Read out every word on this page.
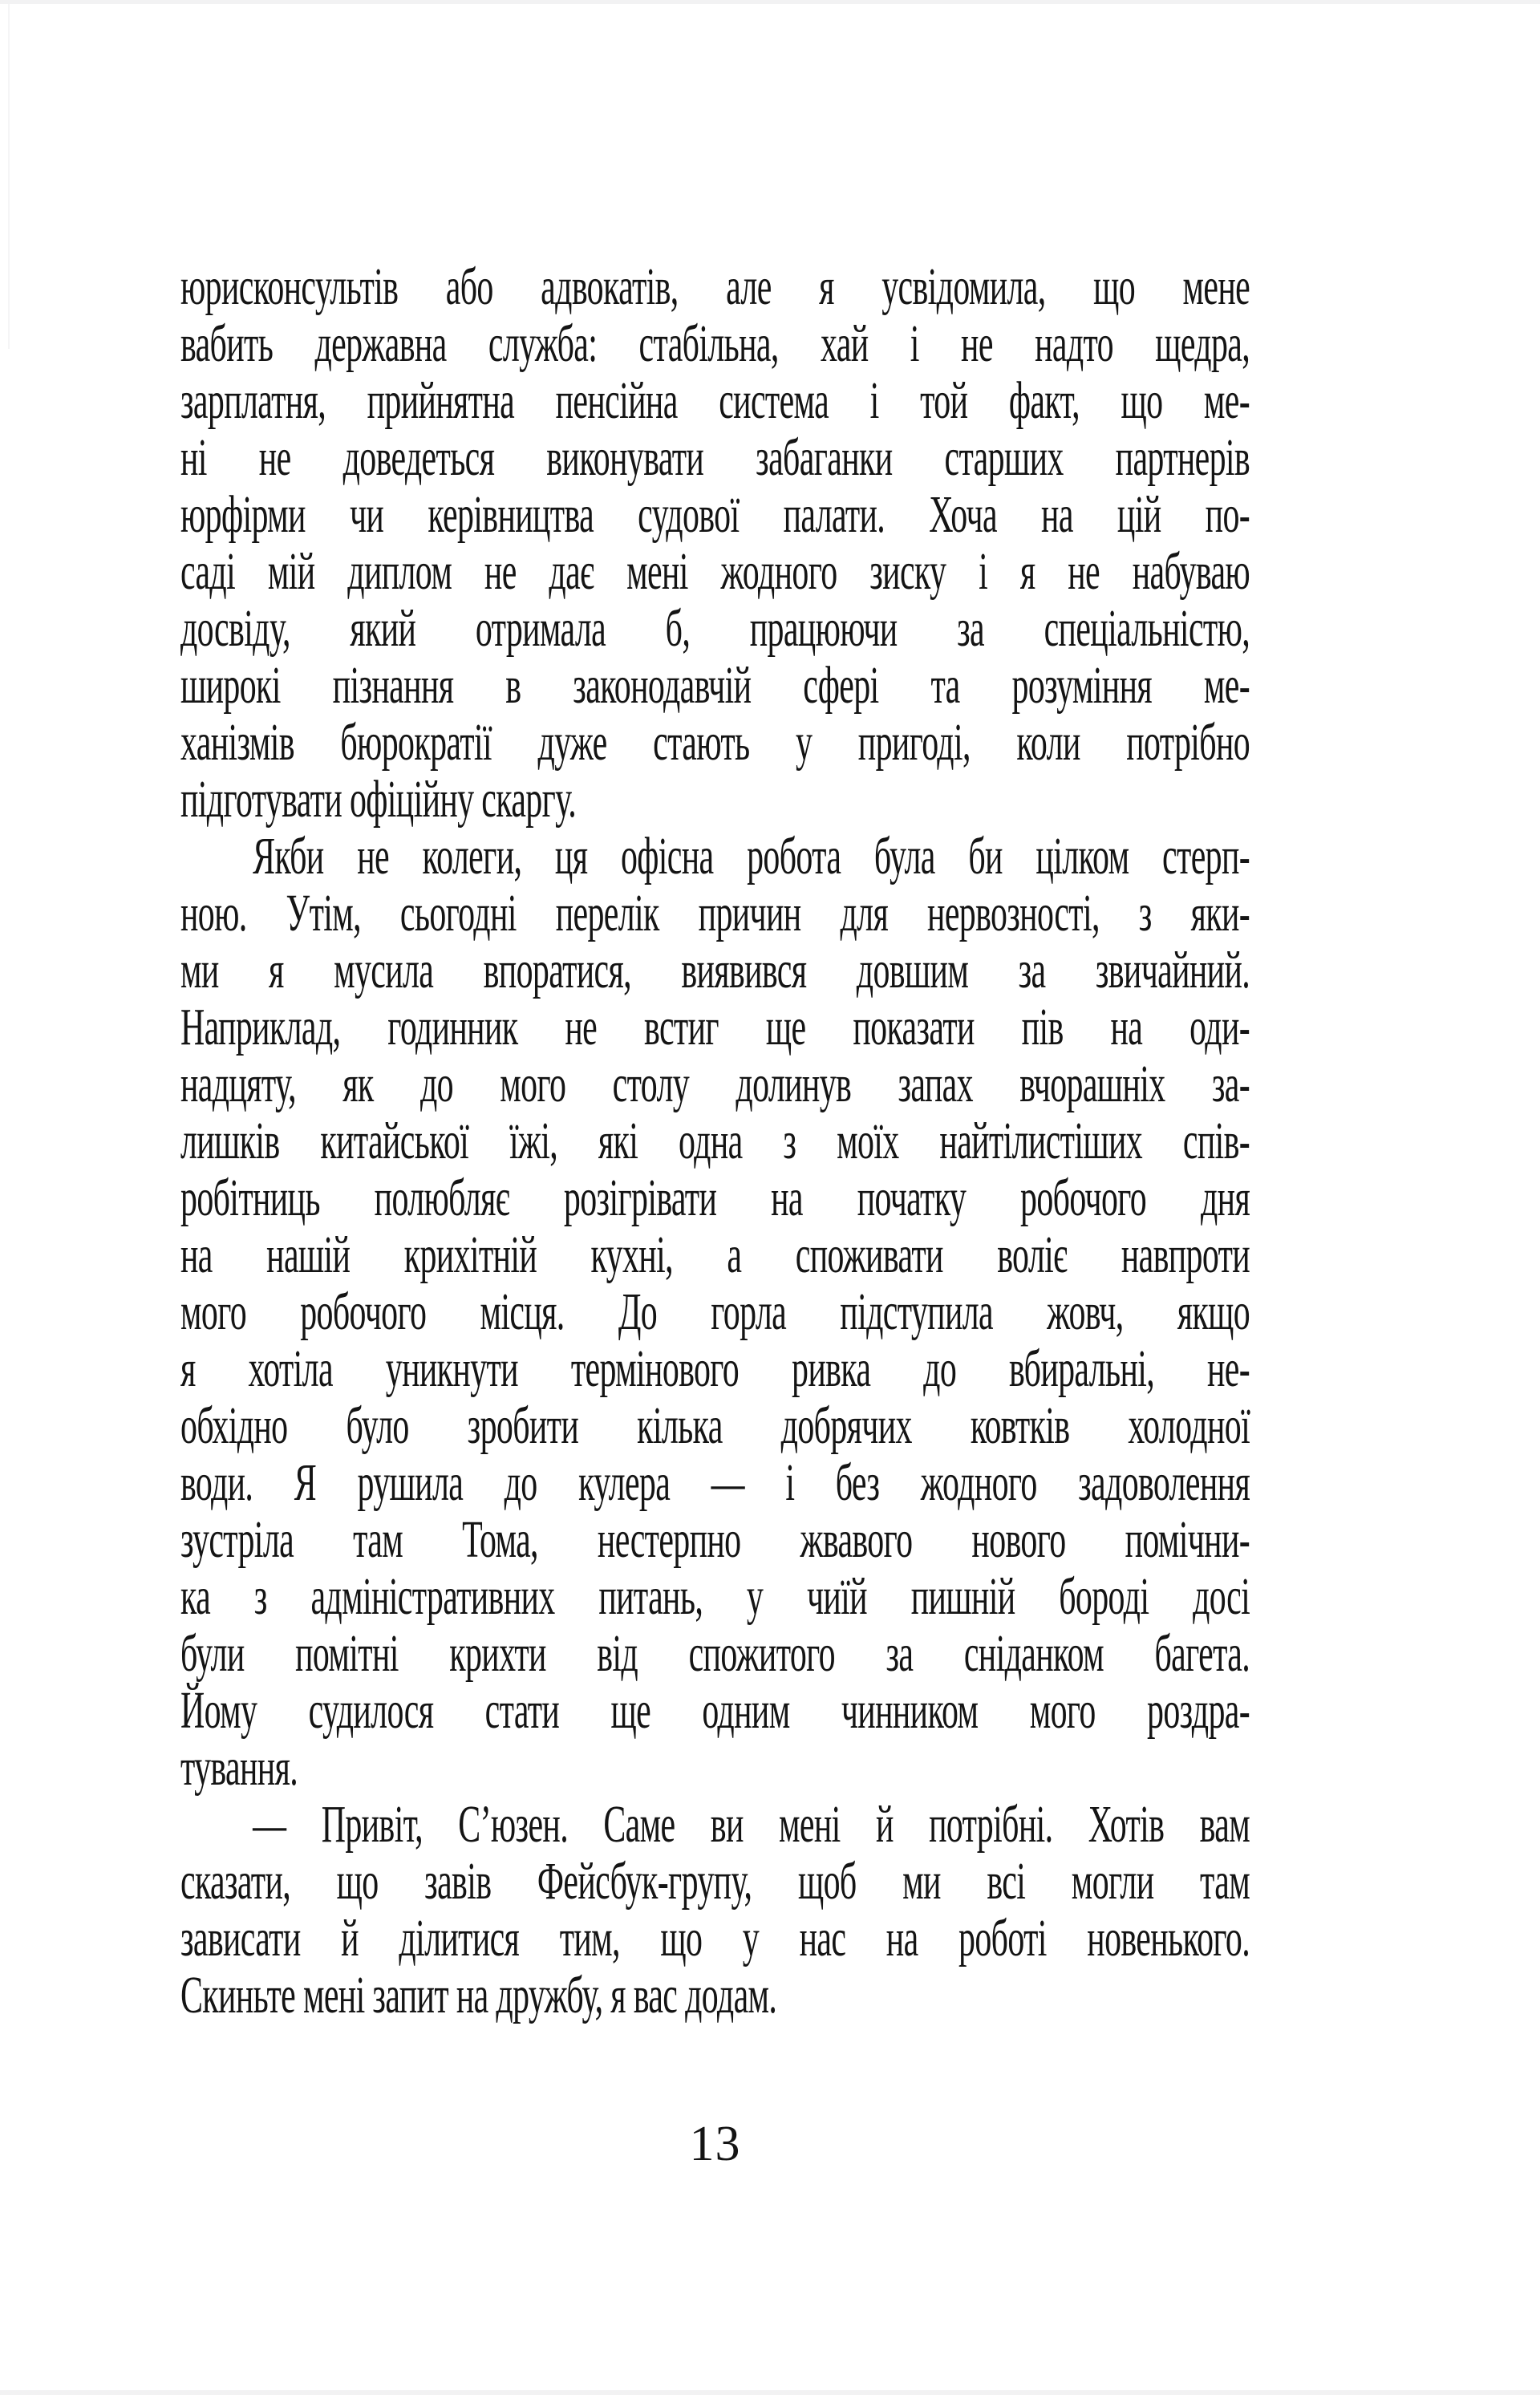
юрисконсультів або адвокатів, але я усвідомила, що мене
вабить державна служба: стабільна, хай і не надто щедра,
зарплатня, прийнятна пенсійна система і той факт, що ме-
ні не доведеться виконувати забаганки старших партнерів
юрфірми чи керівництва судової палати. Хоча на цій по-
саді мій диплом не дає мені жодного зиску і я не набуваю
досвіду, який отримала б, працюючи за спеціальністю,
широкі пізнання в законодавчій сфері та розуміння ме-
ханізмів бюрократії дуже стають у пригоді, коли потрібно
підготувати офіційну скаргу.
Якби не колеги, ця офісна робота була би цілком стерп-
ною. Утім, сьогодні перелік причин для нервозності, з яки-
ми я мусила впоратися, виявився довшим за звичайний.
Наприклад, годинник не встиг ще показати пів на оди-
надцяту, як до мого столу долинув запах вчорашніх за-
лишків китайської їжі, які одна з моїх найтілистіших спів-
робітниць полюбляє розігрівати на початку робочого дня
на нашій крихітній кухні, а споживати воліє навпроти
мого робочого місця. До горла підступила жовч, якщо
я хотіла уникнути термінового ривка до вбиральні, не-
обхідно було зробити кілька добрячих ковтків холодної
води. Я рушила до кулера — і без жодного задоволення
зустріла там Тома, нестерпно жвавого нового помічни-
ка з адміністративних питань, у чиїй пишній бороді досі
були помітні крихти від спожитого за сніданком багета.
Йому судилося стати ще одним чинником мого роздра-
тування.
— Привіт, С’юзен. Саме ви мені й потрібні. Хотів вам
сказати, що завів Фейсбук-групу, щоб ми всі могли там
зависати й ділитися тим, що у нас на роботі новенького.
Скиньте мені запит на дружбу, я вас додам.
13
